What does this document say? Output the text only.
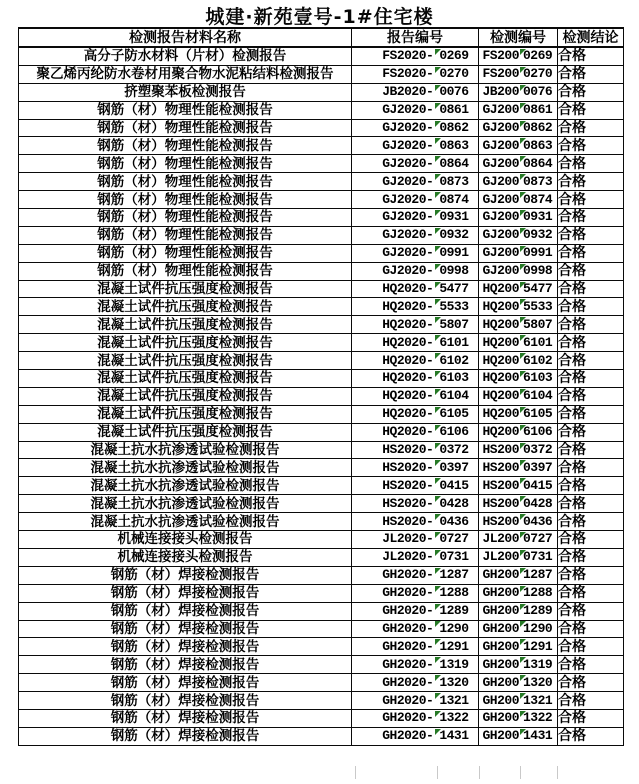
城建·新苑壹号-1#住宅楼
检测报告材料名称	报告编号	检测编号	检测结论
高分子防水材料（片材）检测报告	FS2020- 0269	FS200 0269	合格
聚乙烯丙纶防水卷材用聚合物水泥粘结料检测报告	FS2020- 0270	FS200 0270	合格
挤塑聚苯板检测报告	JB2020- 0076	JB200 0076	合格
钢筋（材）物理性能检测报告	GJ2020- 0861	GJ200 0861	合格
钢筋（材）物理性能检测报告	GJ2020- 0862	GJ200 0862	合格
钢筋（材）物理性能检测报告	GJ2020- 0863	GJ200 0863	合格
钢筋（材）物理性能检测报告	GJ2020- 0864	GJ200 0864	合格
钢筋（材）物理性能检测报告	GJ2020- 0873	GJ200 0873	合格
钢筋（材）物理性能检测报告	GJ2020- 0874	GJ200 0874	合格
钢筋（材）物理性能检测报告	GJ2020- 0931	GJ200 0931	合格
钢筋（材）物理性能检测报告	GJ2020- 0932	GJ200 0932	合格
钢筋（材）物理性能检测报告	GJ2020- 0991	GJ200 0991	合格
钢筋（材）物理性能检测报告	GJ2020- 0998	GJ200 0998	合格
混凝土试件抗压强度检测报告	HQ2020- 5477	HQ200 5477	合格
混凝土试件抗压强度检测报告	HQ2020- 5533	HQ200 5533	合格
混凝土试件抗压强度检测报告	HQ2020- 5807	HQ200 5807	合格
混凝土试件抗压强度检测报告	HQ2020- 6101	HQ200 6101	合格
混凝土试件抗压强度检测报告	HQ2020- 6102	HQ200 6102	合格
混凝土试件抗压强度检测报告	HQ2020- 6103	HQ200 6103	合格
混凝土试件抗压强度检测报告	HQ2020- 6104	HQ200 6104	合格
混凝土试件抗压强度检测报告	HQ2020- 6105	HQ200 6105	合格
混凝土试件抗压强度检测报告	HQ2020- 6106	HQ200 6106	合格
混凝土抗水抗渗透试验检测报告	HS2020- 0372	HS200 0372	合格
混凝土抗水抗渗透试验检测报告	HS2020- 0397	HS200 0397	合格
混凝土抗水抗渗透试验检测报告	HS2020- 0415	HS200 0415	合格
混凝土抗水抗渗透试验检测报告	HS2020- 0428	HS200 0428	合格
混凝土抗水抗渗透试验检测报告	HS2020- 0436	HS200 0436	合格
机械连接接头检测报告	JL2020- 0727	JL200 0727	合格
机械连接接头检测报告	JL2020- 0731	JL200 0731	合格
钢筋（材）焊接检测报告	GH2020- 1287	GH200 1287	合格
钢筋（材）焊接检测报告	GH2020- 1288	GH200 1288	合格
钢筋（材）焊接检测报告	GH2020- 1289	GH200 1289	合格
钢筋（材）焊接检测报告	GH2020- 1290	GH200 1290	合格
钢筋（材）焊接检测报告	GH2020- 1291	GH200 1291	合格
钢筋（材）焊接检测报告	GH2020- 1319	GH200 1319	合格
钢筋（材）焊接检测报告	GH2020- 1320	GH200 1320	合格
钢筋（材）焊接检测报告	GH2020- 1321	GH200 1321	合格
钢筋（材）焊接检测报告	GH2020- 1322	GH200 1322	合格
钢筋（材）焊接检测报告	GH2020- 1431	GH200 1431	合格
